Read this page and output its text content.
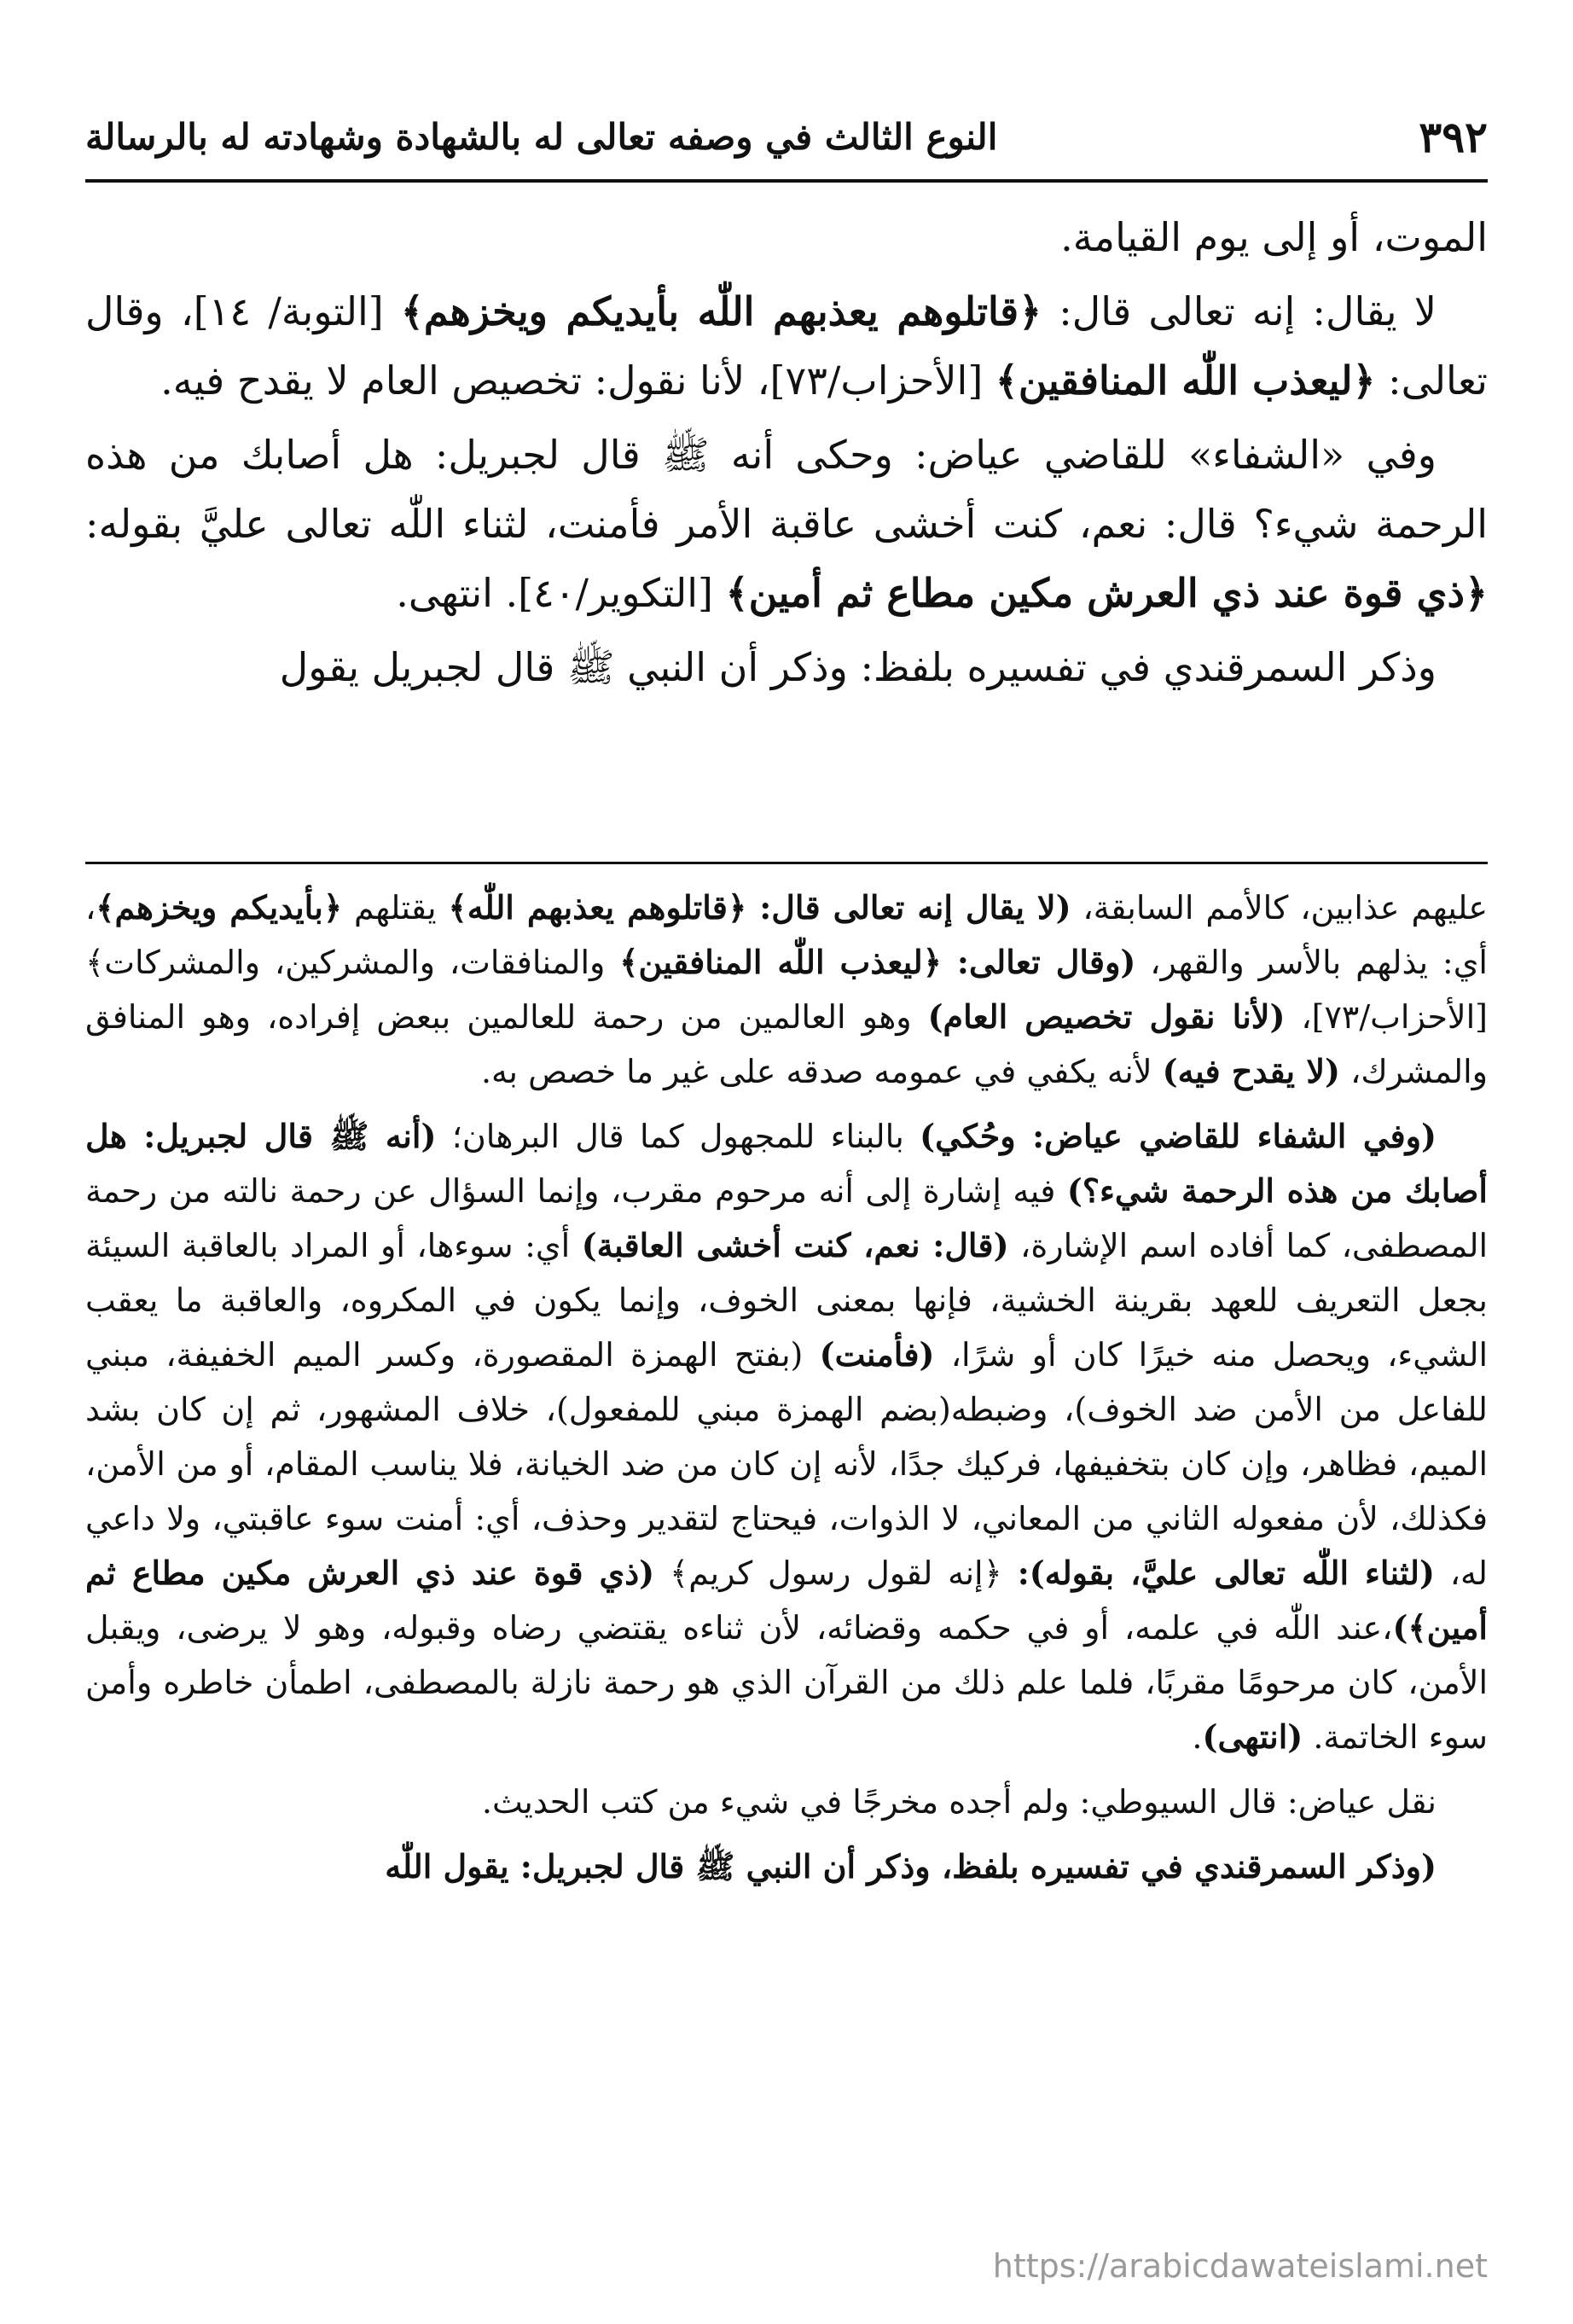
٣٩٢
النوع الثالث في وصفه تعالى له بالشهادة وشهادته له بالرسالة

الموت، أو إلى يوم القيامة.

لا يقال: إنه تعالى قال: ﴿قاتلوهم يعذبهم اللّٰه بأيديكم ويخزهم﴾ [التوبة/ ١٤]، وقال تعالى: ﴿ليعذب اللّٰه المنافقين﴾ [الأحزاب/٧٣]، لأنا نقول: تخصيص العام لا يقدح فيه.

وفي «الشفاء» للقاضي عياض: وحكى أنه ﷺ قال لجبريل: هل أصابك من هذه الرحمة شيء؟ قال: نعم، كنت أخشى عاقبة الأمر فأمنت، لثناء اللّٰه تعالى عليَّ بقوله: ﴿ذي قوة عند ذي العرش مكين مطاع ثم أمين﴾ [التكوير/٤٠]. انتهى.

وذكر السمرقندي في تفسيره بلفظ: وذكر أن النبي ﷺ قال لجبريل يقول

عليهم عذابين، كالأمم السابقة، (لا يقال إنه تعالى قال: ﴿قاتلوهم يعذبهم اللّٰه﴾ يقتلهم ﴿بأيديكم ويخزهم﴾، أي: يذلهم بالأسر والقهر، (وقال تعالى: ﴿ليعذب اللّٰه المنافقين﴾ والمنافقات، والمشركين، والمشركات﴾ [الأحزاب/٧٣]، (لأنا نقول تخصيص العام) وهو العالمين من رحمة للعالمين ببعض إفراده، وهو المنافق والمشرك، (لا يقدح فيه) لأنه يكفي في عمومه صدقه على غير ما خصص به.

(وفي الشفاء للقاضي عياض: وحُكي) بالبناء للمجهول كما قال البرهان؛ (أنه ﷺ قال لجبريل: هل أصابك من هذه الرحمة شيء؟) فيه إشارة إلى أنه مرحوم مقرب، وإنما السؤال عن رحمة نالته من رحمة المصطفى، كما أفاده اسم الإشارة، (قال: نعم، كنت أخشى العاقبة) أي: سوءها، أو المراد بالعاقبة السيئة بجعل التعريف للعهد بقرينة الخشية، فإنها بمعنى الخوف، وإنما يكون في المكروه، والعاقبة ما يعقب الشيء، ويحصل منه خيرًا كان أو شرًا، (فأمنت) (بفتح الهمزة المقصورة، وكسر الميم الخفيفة، مبني للفاعل من الأمن ضد الخوف)، وضبطه(بضم الهمزة مبني للمفعول)، خلاف المشهور، ثم إن كان بشد الميم، فظاهر، وإن كان بتخفيفها، فركيك جدًا، لأنه إن كان من ضد الخيانة، فلا يناسب المقام، أو من الأمن، فكذلك، لأن مفعوله الثاني من المعاني، لا الذوات، فيحتاج لتقدير وحذف، أي: أمنت سوء عاقبتي، ولا داعي له، (لثناء اللّٰه تعالى عليَّ، بقوله): ﴿إنه لقول رسول كريم﴾ (ذي قوة عند ذي العرش مكين مطاع ثم أمين﴾)،عند اللّٰه في علمه، أو في حكمه وقضائه، لأن ثناءه يقتضي رضاه وقبوله، وهو لا يرضى، ويقبل الأمن، كان مرحومًا مقربًا، فلما علم ذلك من القرآن الذي هو رحمة نازلة بالمصطفى، اطمأن خاطره وأمن سوء الخاتمة. (انتهى).

نقل عياض: قال السيوطي: ولم أجده مخرجًا في شيء من كتب الحديث.

(وذكر السمرقندي في تفسيره بلفظ، وذكر أن النبي ﷺ قال لجبريل: يقول اللّٰه

https://arabicdawateislami.net
